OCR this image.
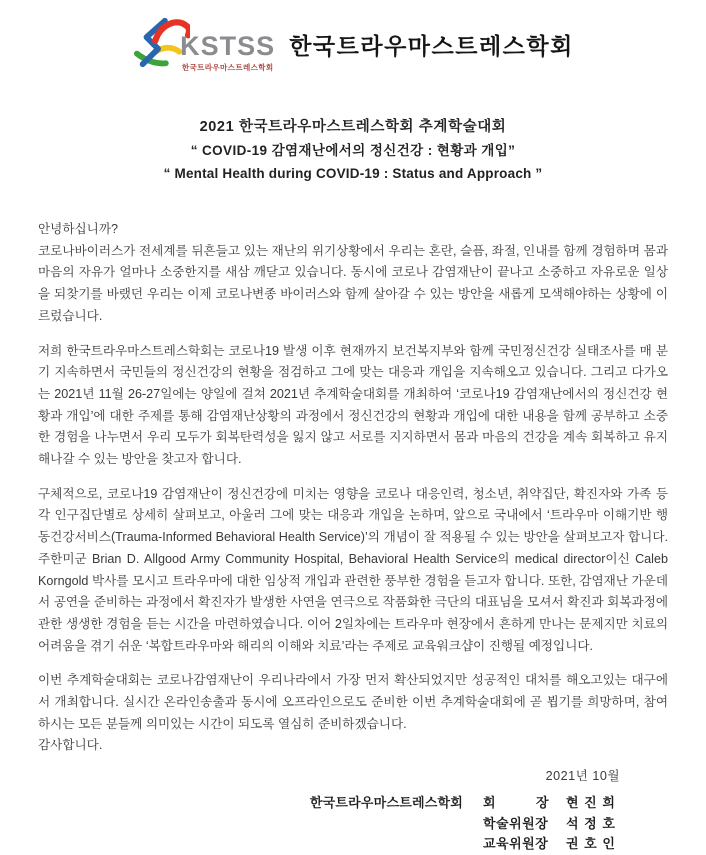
KSTSS
한국트라우마스트레스학회
한국트라우마스트레스학회
2021 한국트라우마스트레스학회 추계학술대회
“ COVID-19 감염재난에서의 정신건강 : 현황과 개입”
“ Mental Health during COVID-19 : Status and Approach ”

안녕하십니까?

코로나바이러스가 전세계를 뒤흔들고 있는 재난의 위기상황에서 우리는 혼란, 슬픔, 좌절, 인내를 함께 경험하며 몸과 마음의 자유가 얼마나 소중한지를 새삼 깨닫고 있습니다. 동시에 코로나 감염재난이 끝나고 소중하고 자유로운 일상을 되찾기를 바랬던 우리는 이제 코로나변종 바이러스와 함께 살아갈 수 있는 방안을 새롭게 모색해야하는 상황에 이르렀습니다.

저희 한국트라우마스트레스학회는 코로나19 발생 이후 현재까지 보건복지부와 함께 국민정신건강 실태조사를 매 분기 지속하면서 국민들의 정신건강의 현황을 점검하고 그에 맞는 대응과 개입을 지속해오고 있습니다. 그리고 다가오는 2021년 11월 26-27일에는 양일에 걸쳐 2021년 추계학술대회를 개최하여 ‘코로나19 감염재난에서의 정신건강 현황과 개입’에 대한 주제를 통해 감염재난상황의 과정에서 정신건강의 현황과 개입에 대한 내용을 함께 공부하고 소중한 경험을 나누면서 우리 모두가 회복탄력성을 잃지 않고 서로를 지지하면서 몸과 마음의 건강을 계속 회복하고 유지해나갈 수 있는 방안을 찾고자 합니다.

구체적으로, 코로나19 감염재난이 정신건강에 미치는 영향을 코로나 대응인력, 청소년, 취약집단, 확진자와 가족 등 각 인구집단별로 상세히 살펴보고, 아울러 그에 맞는 대응과 개입을 논하며, 앞으로 국내에서 ‘트라우마 이해기반 행동건강서비스(Trauma-Informed Behavioral Health Service)’의 개념이 잘 적용될 수 있는 방안을 살펴보고자 합니다. 주한미군 Brian D. Allgood Army Community Hospital, Behavioral Health Service의 medical director이신 Caleb Korngold 박사를 모시고 트라우마에 대한 임상적 개입과 관련한 풍부한 경험을 듣고자 합니다. 또한, 감염재난 가운데서 공연을 준비하는 과정에서 확진자가 발생한 사연을 연극으로 작품화한 극단의 대표님을 모셔서 확진과 회복과정에 관한 생생한 경험을 듣는 시간을 마련하였습니다. 이어 2일차에는 트라우마 현장에서 흔하게 만나는 문제지만 치료의 어려움을 겪기 쉬운 ‘복합트라우마와 해리의 이해와 치료’라는 주제로 교육워크샵이 진행될 예정입니다.

이번 추계학술대회는 코로나감염재난이 우리나라에서 가장 먼저 확산되었지만 성공적인 대처를 해오고있는 대구에서 개최합니다. 실시간 온라인송출과 동시에 오프라인으로도 준비한 이번 추계학술대회에 곧 뵙기를 희망하며, 참여하시는 모든 분들께 의미있는 시간이 되도록 열심히 준비하겠습니다.

감사합니다.

2021년 10월
한국트라우마스트레스학회 회	장 현 진 희
학술위원장 석 정 호
교육위원장 권 호 인
